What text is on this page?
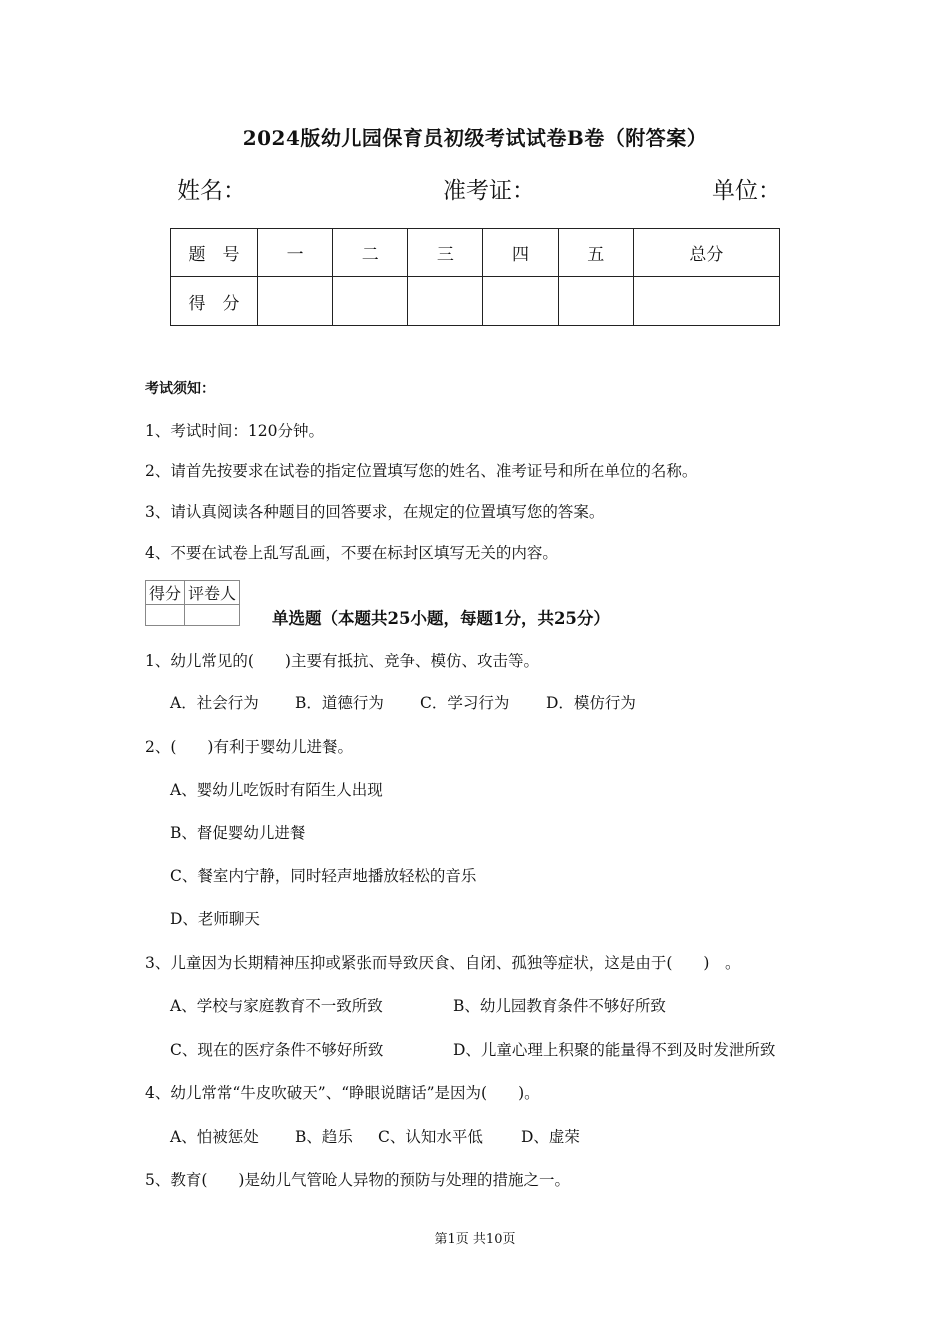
2024版幼儿园保育员初级考试试卷B卷（附答案）
姓名：	准考证：	单位：
题　号	一	二	三	四	五	总分
得　分						
考试须知：
1、考试时间：120分钟。
2、请首先按要求在试卷的指定位置填写您的姓名、准考证号和所在单位的名称。
3、请认真阅读各种题目的回答要求，在规定的位置填写您的答案。
4、不要在试卷上乱写乱画，不要在标封区填写无关的内容。
得分	评卷人

单选题（本题共25小题，每题1分，共25分）
1、幼儿常见的(　　)主要有抵抗、竞争、模仿、攻击等。
A．社会行为 B．道德行为 C．学习行为 D．模仿行为
2、(　　)有利于婴幼儿进餐。
A、婴幼儿吃饭时有陌生人出现
B、督促婴幼儿进餐
C、餐室内宁静，同时轻声地播放轻松的音乐
D、老师聊天
3、儿童因为长期精神压抑或紧张而导致厌食、自闭、孤独等症状，这是由于(　　)　。
A、学校与家庭教育不一致所致	B、幼儿园教育条件不够好所致
C、现在的医疗条件不够好所致	D、儿童心理上积聚的能量得不到及时发泄所致
4、幼儿常常“牛皮吹破天”、“睁眼说瞎话”是因为(　　)。
A、怕被惩处 B、趋乐 C、认知水平低 D、虚荣
5、教育(　　)是幼儿气管呛人异物的预防与处理的措施之一。
第1页 共10页
